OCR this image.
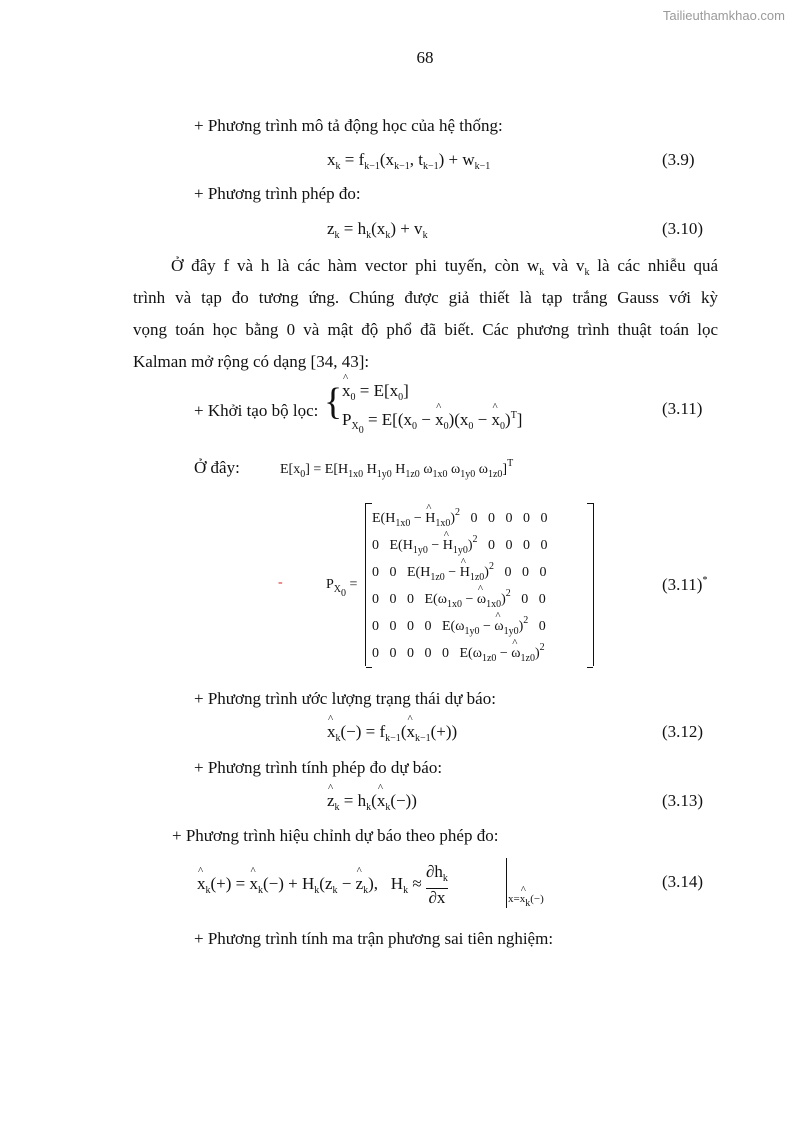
Tailieuthamkhao.com
68
+ Phương trình mô tả động học của hệ thống:
$x_k = f_{k-1}(x_{k-1}$, $t_{k-1}) + w_{k-1}$	(3.9)
+ Phương trình phép đo:
$z_k = h_k(x_k) + v_k$	(3.10)
Ở đây f và h là các hàm vector phi tuyến, còn $w_k$ và $v_k$ là các nhiễu quá
trình và tạp đo tương ứng. Chúng được giả thiết là tạp trắng Gauss với kỳ
vọng toán học bằng 0 và mật độ phổ đã biết. Các phương trình thuật toán lọc
Kalman mở rộng có dạng [34, 43]:
+ Khởi tạo bộ lọc: {
^ $x_0 = E[x_0]$
$P_{X_0} = E[(x_0$ − ^ $x_0)(x_0$ − ^ $x_0)^T$]
(3.11)
Ở đây:	$E[x_0] = E[H_{1x0}$ $H_{1y0}$ $H_{1z0}$ $\omega_{1x0}$ $\omega_{1y0}$ $\omega_{1z0}]^T$
-	$P_{X_0}$ =
$E(H_{1x0}$ − ^ $H_{1x0})^2$   0   0   0   0   0
0   $E(H_{1y0}$ − ^ $H_{1y0})^2$   0   0   0   0
0   0   $E(H_{1z0}$ − ^ $H_{1z0})^2$   0   0   0
0   0   0   $E(\omega_{1x0}$ − ^ $\omega_{1x0})^2$   0   0
0   0   0   0   $E(\omega_{1y0}$ − ^ $\omega_{1y0})^2$   0
0   0   0   0   0   $E(\omega_{1z0}$ − ^ $\omega_{1z0})^2$
(3.11)*
+ Phương trình ước lượng trạng thái dự báo:
^ $x_k(-)$ = $f_{k-1}(\^{}$ $x_{k-1}(+)$)	(3.12)
+ Phương trình tính phép đo dự báo:
^ $z_k$ = $h_k(\^{}$ $x_k(-)$)	(3.13)
+ Phương trình hiệu chỉnh dự báo theo phép đo:
^ $x_k(+)$ = ^ $x_k(-) + H_k(z_k$ − ^ $z_k$),   $H_k \approx \frac{\partial h_k}{\partial x}$	x=^ $x_k(-)$
(3.14)
+ Phương trình tính ma trận phương sai tiên nghiệm:
